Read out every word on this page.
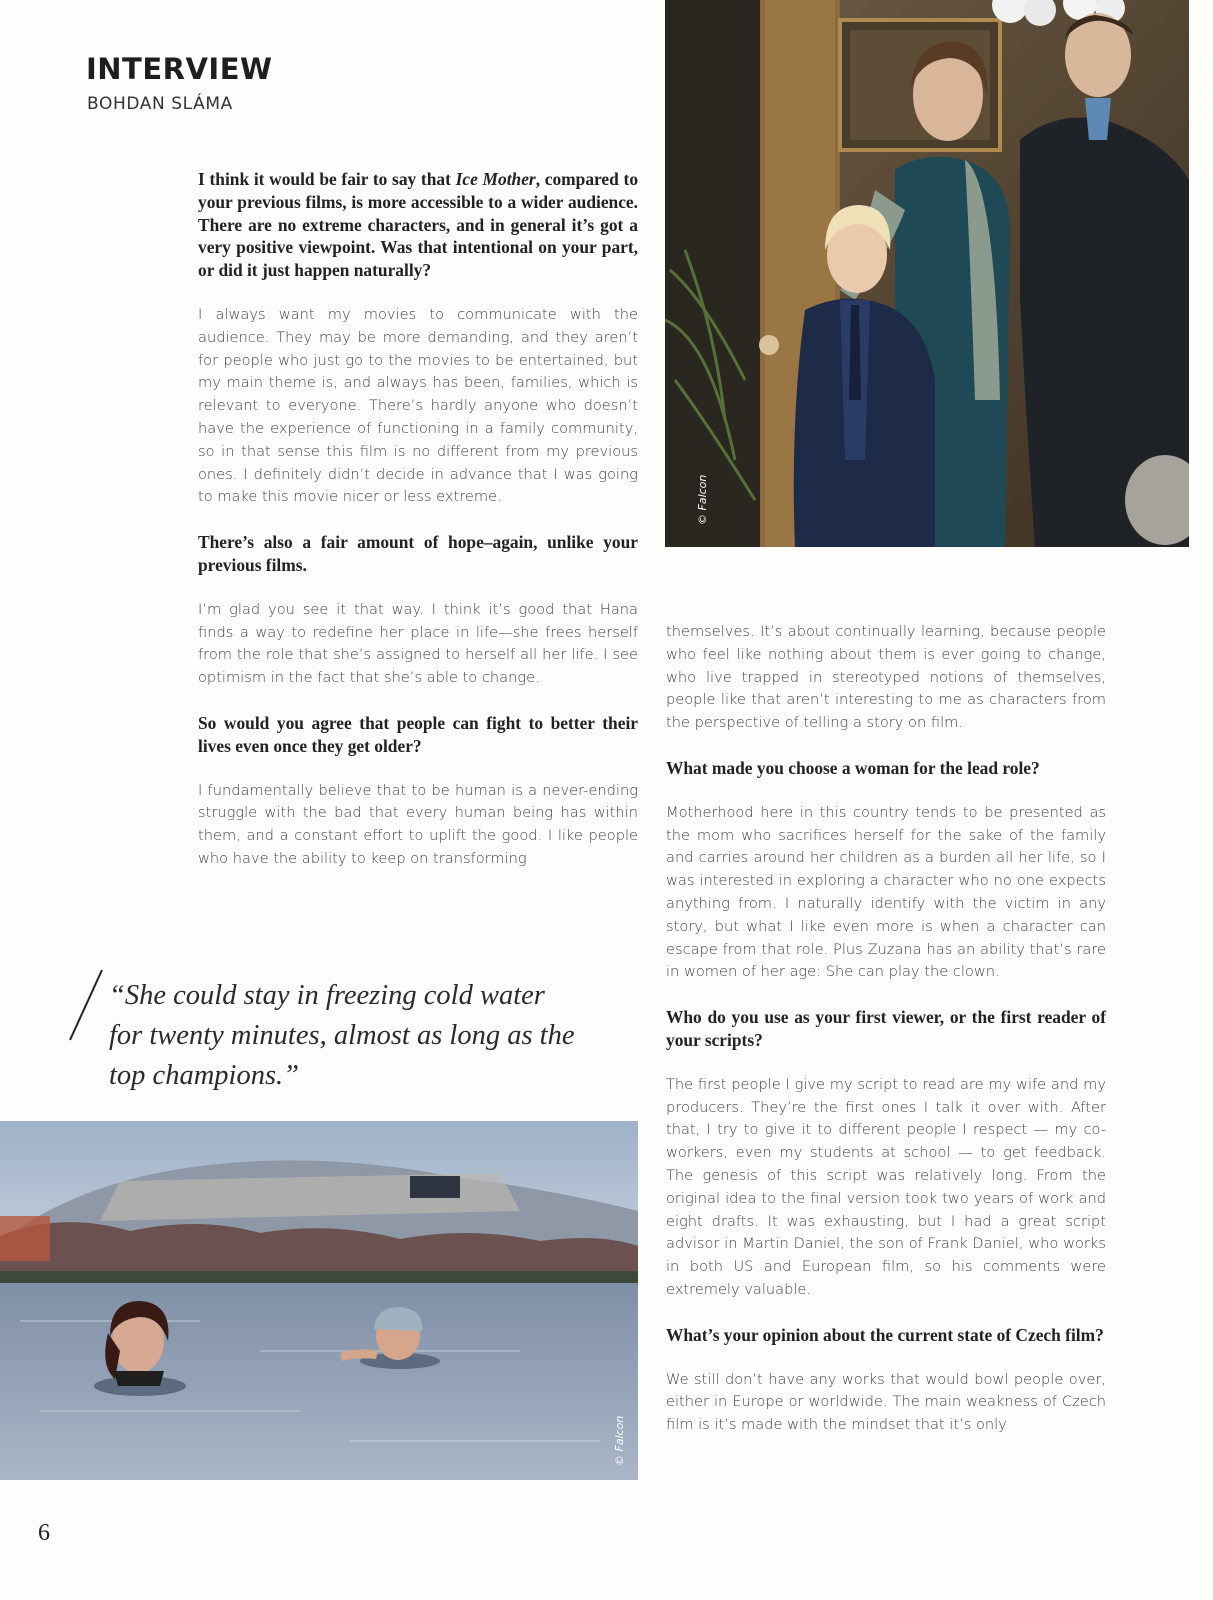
INTERVIEW
BOHDAN SLÁMA
© Falcon

I think it would be fair to say that Ice Mother, compared to your previous films, is more accessible to a wider audience. There are no extreme characters, and in general it’s got a very positive viewpoint. Was that intentional on your part, or did it just happen naturally?

I always want my movies to communicate with the audience. They may be more demanding, and they aren’t for people who just go to the movies to be entertained, but my main theme is, and always has been, families, which is relevant to everyone. There’s hardly anyone who doesn’t have the experience of functioning in a family community, so in that sense this film is no different from my previous ones. I definitely didn’t decide in advance that I was going to make this movie nicer or less extreme.

There’s also a fair amount of hope–again, unlike your previous films.

I’m glad you see it that way. I think it’s good that Hana finds a way to redefine her place in life—she frees herself from the role that she’s assigned to herself all her life. I see optimism in the fact that she’s able to change.

So would you agree that people can fight to better their lives even once they get older?

I fundamentally believe that to be human is a never-ending struggle with the bad that every human being has within them, and a constant effort to uplift the good. I like people who have the ability to keep on transforming

themselves. It’s about continually learning, because people who feel like nothing about them is ever going to change, who live trapped in stereotyped notions of themselves, people like that aren’t interesting to me as characters from the perspective of telling a story on film.

What made you choose a woman for the lead role?

Motherhood here in this country tends to be presented as the mom who sacrifices herself for the sake of the family and carries around her children as a burden all her life, so I was interested in exploring a character who no one expects anything from. I naturally identify with the victim in any story, but what I like even more is when a character can escape from that role. Plus Zuzana has an ability that’s rare in women of her age: She can play the clown.

Who do you use as your first viewer, or the first reader of your scripts?

The first people I give my script to read are my wife and my producers. They’re the first ones I talk it over with. After that, I try to give it to different people I respect — my co-workers, even my students at school — to get feedback. The genesis of this script was relatively long. From the original idea to the final version took two years of work and eight drafts. It was exhausting, but I had a great script advisor in Martin Daniel, the son of Frank Daniel, who works in both US and European film, so his comments were extremely valuable.

What’s your opinion about the current state of Czech film?

We still don’t have any works that would bowl people over, either in Europe or worldwide. The main weakness of Czech film is it’s made with the mindset that it’s only

“She could stay in freezing cold water for twenty minutes, almost as long as the top champions.”
© Falcon
6
